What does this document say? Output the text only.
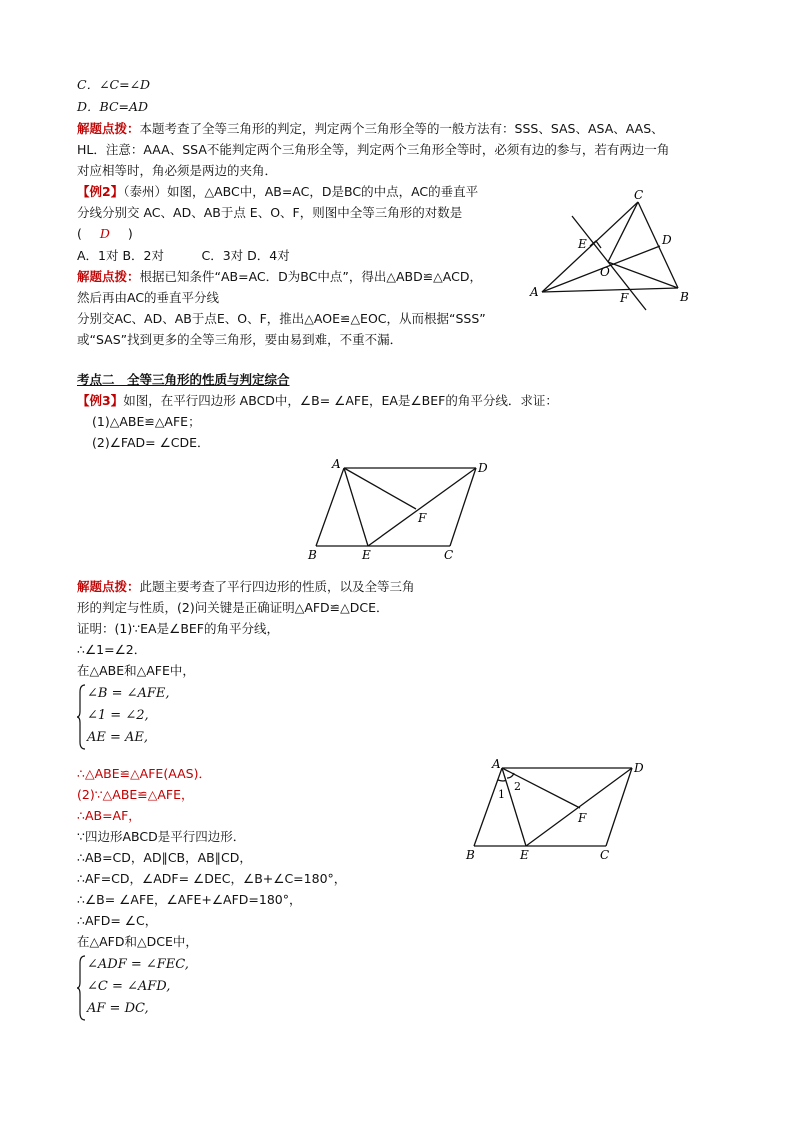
C．∠C=∠D
D．BC=AD
解题点拨：本题考查了全等三角形的判定，判定两个三角形全等的一般方法有：SSS、SAS、ASA、AAS、
HL．注意：AAA、SSA不能判定两个三角形全等，判定两个三角形全等时，必须有边的参与，若有两边一角
对应相等时，角必须是两边的夹角．
【例2】（泰州）如图，△ABC中，AB=AC，D是BC的中点，AC的垂直平
分线分别交 AC、AD、AB于点 E、O、F，则图中全等三角形的对数是
( D )
A．1对 B．2对　　　C．3对 D．4对
解题点拨：根据已知条件“AB=AC．D为BC中点”，得出△ABD≌△ACD，
然后再由AC的垂直平分线
分别交AC、AD、AB于点E、O、F，推出△AOE≌△EOC，从而根据“SSS”
或“SAS”找到更多的全等三角形，要由易到难，不重不漏．
A	B
C
D
E
O
F
考点二　全等三角形的性质与判定综合
【例3】如图，在平行四边形 ABCD中，∠B= ∠AFE，EA是∠BEF的角平分线．求证：
(1)△ABE≌△AFE；
(2)∠FAD= ∠CDE．
A	D
B	E	C
F
解题点拨：此题主要考查了平行四边形的性质，以及全等三角
形的判定与性质，(2)问关键是正确证明△AFD≌△DCE．
证明：(1)∵EA是∠BEF的角平分线，
∴∠1=∠2．
在△ABE和△AFE中，
∠B = ∠AFE,
∠1 = ∠2,
AE = AE,
∴△ABE≌△AFE(AAS)．
(2)∵△ABE≌△AFE，
∴AB=AF，
∵四边形ABCD是平行四边形．
∴AB=CD，AD∥CB，AB∥CD，
∴AF=CD，∠ADF= ∠DEC，∠B+∠C=180°，
∴∠B= ∠AFE，∠AFE+∠AFD=180°，
∴AFD= ∠C，
在△AFD和△DCE中，
∠ADF = ∠FEC,
∠C = ∠AFD,
AF = DC,
A	D
B	E	C
F
1
2
